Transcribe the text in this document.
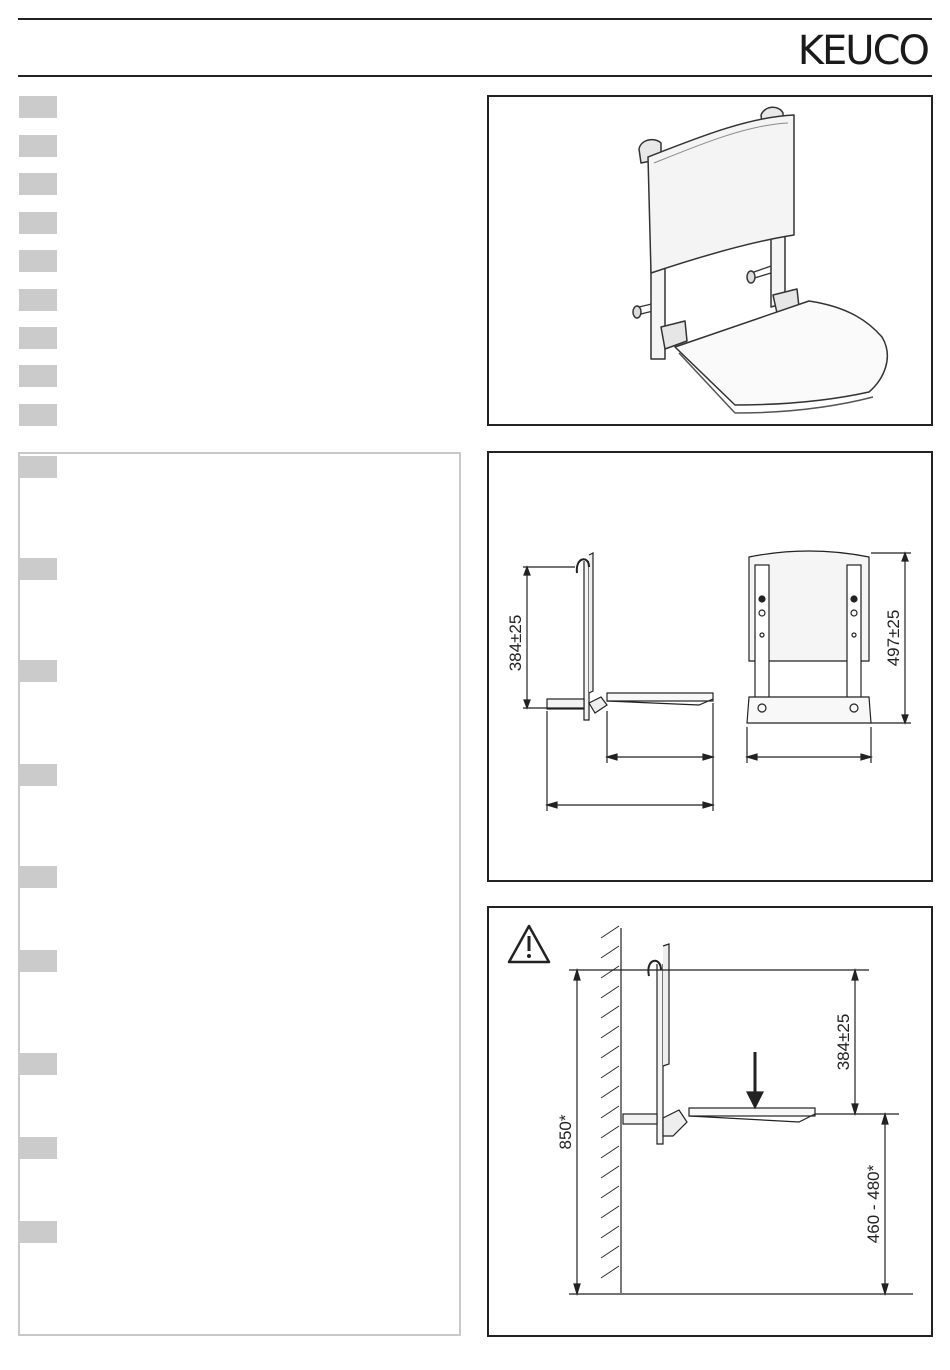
KEUCO
384±25	497±25
850*
384±25
460 - 480*
